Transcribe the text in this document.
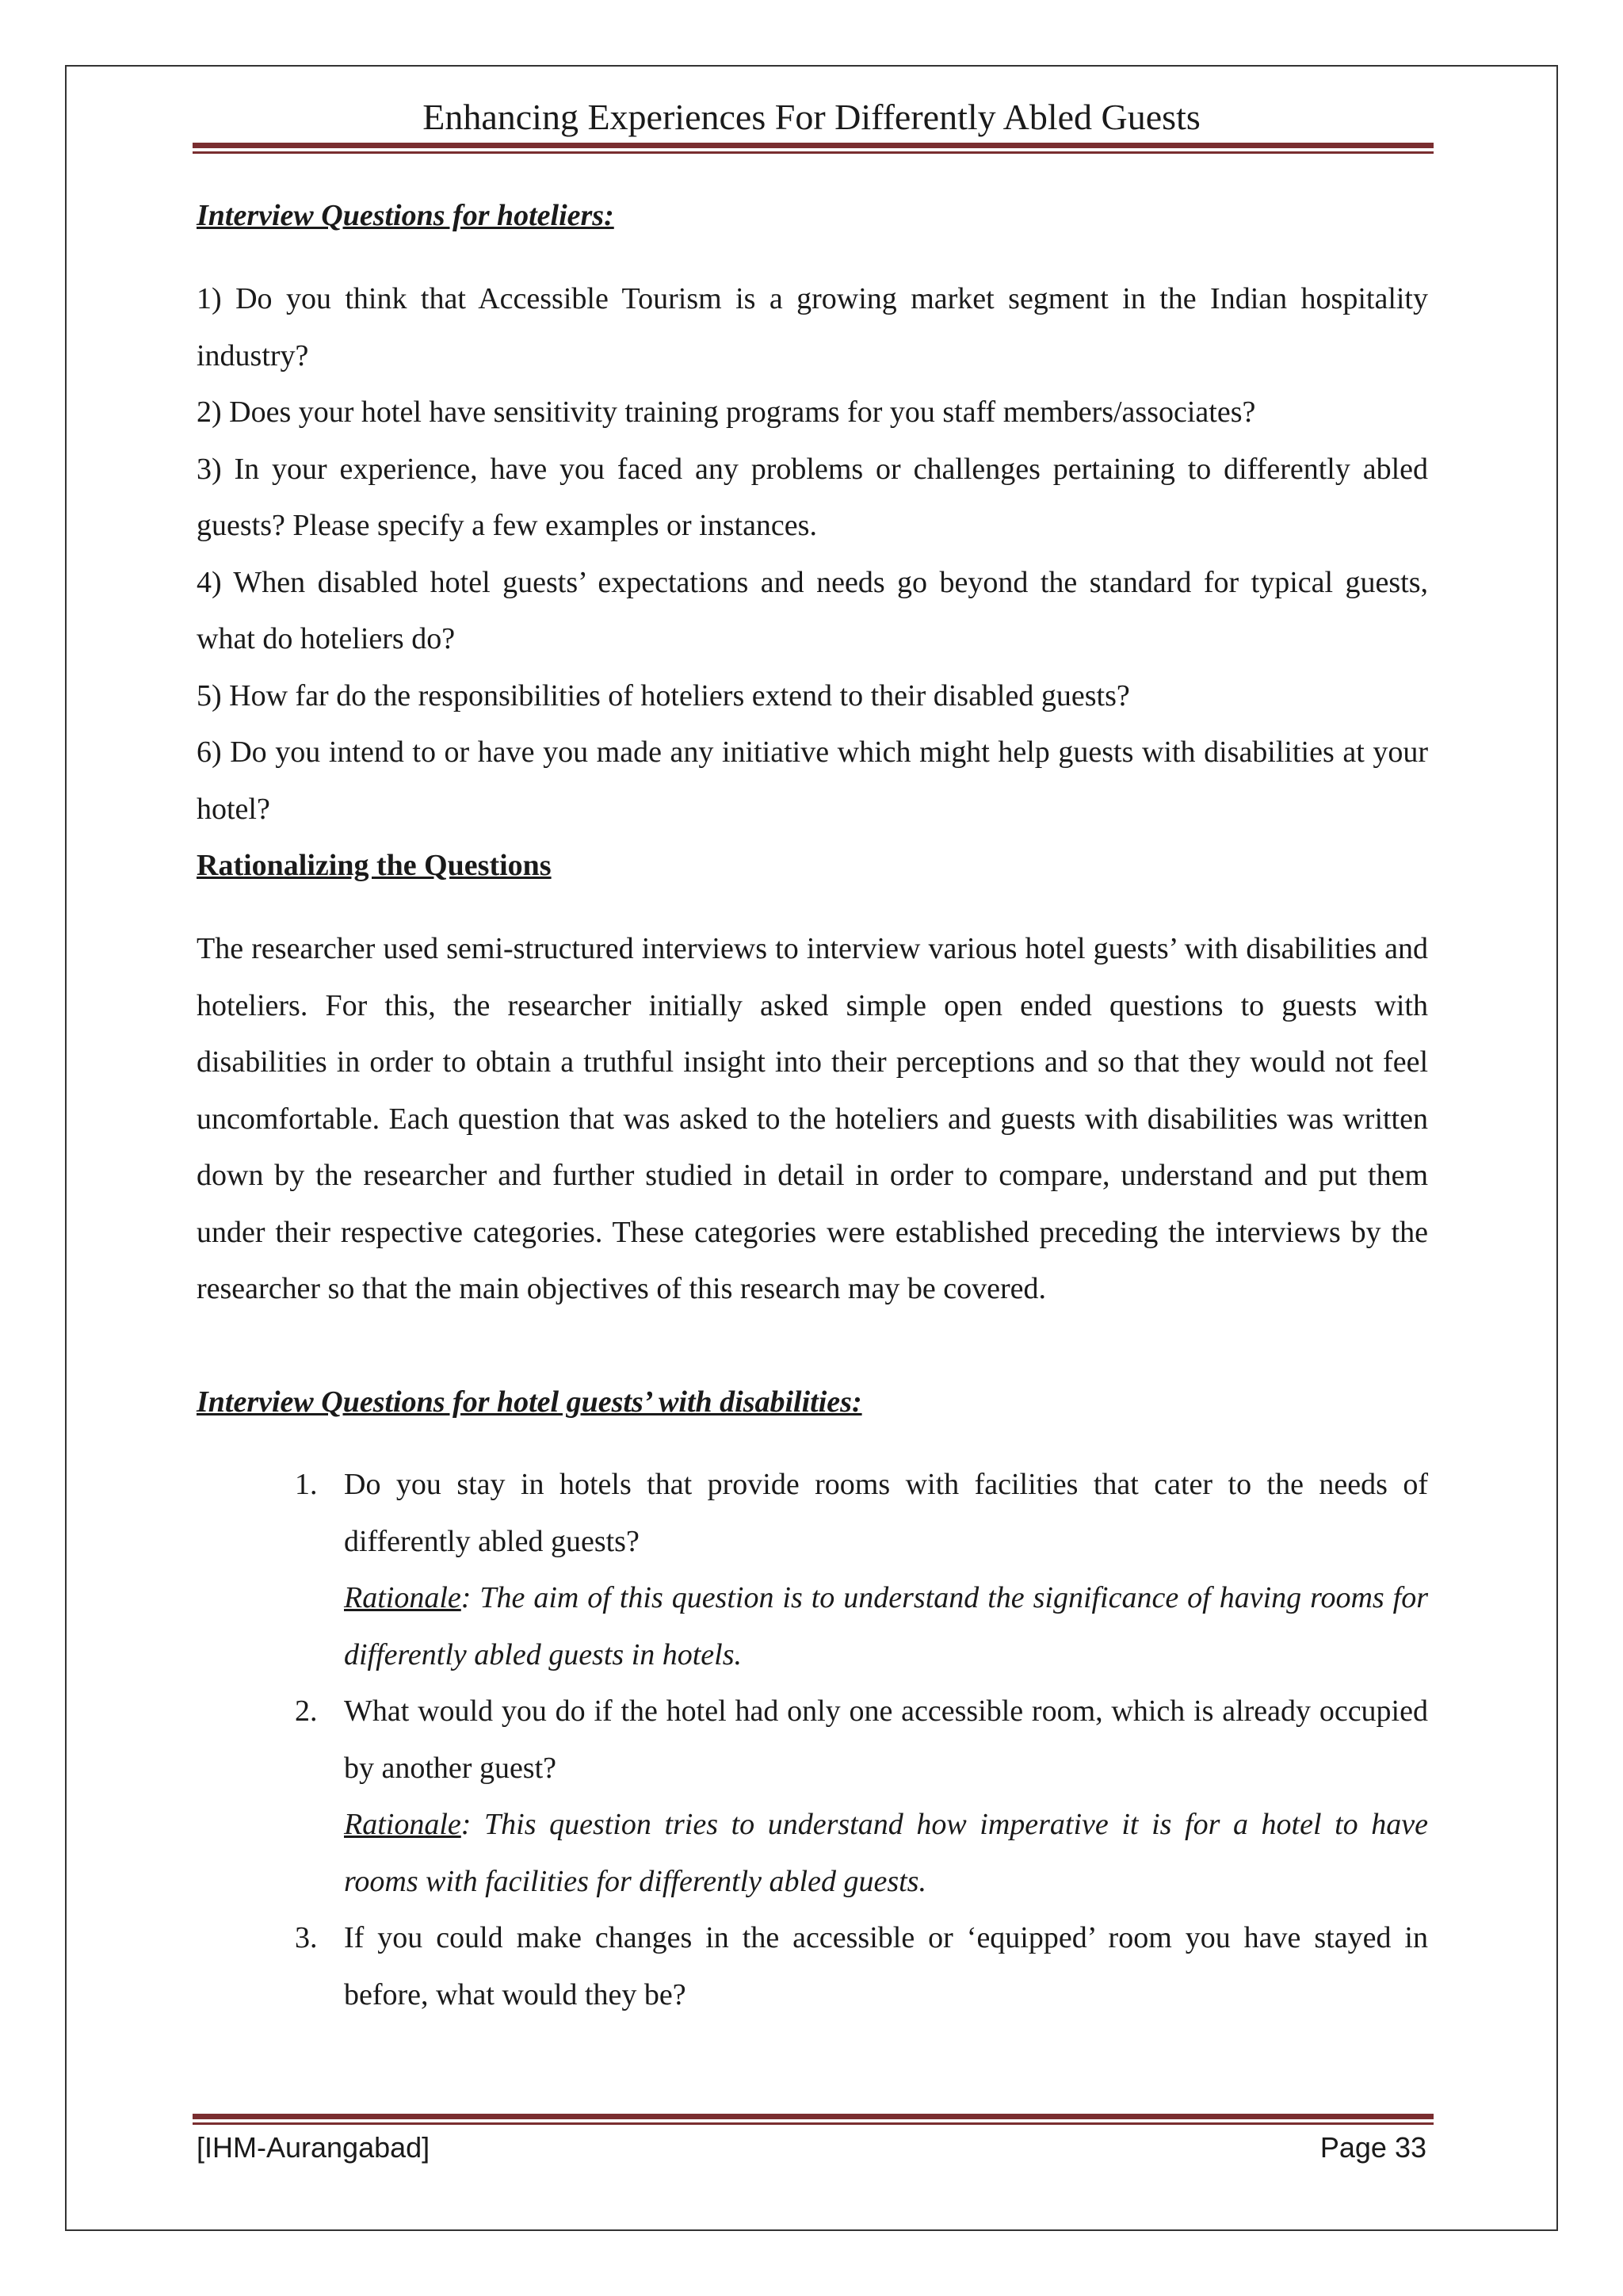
Enhancing Experiences For Differently Abled Guests
Interview Questions for hoteliers:

1) Do you think that Accessible Tourism is a growing market segment in the Indian hospitality industry?

2) Does your hotel have sensitivity training programs for you staff members/associates?

3) In your experience, have you faced any problems or challenges pertaining to differently abled guests? Please specify a few examples or instances.

4) When disabled hotel guests’ expectations and needs go beyond the standard for typical guests, what do hoteliers do?

5) How far do the responsibilities of hoteliers extend to their disabled guests?

6) Do you intend to or have you made any initiative which might help guests with disabilities at your hotel?

Rationalizing the Questions

The researcher used semi-structured interviews to interview various hotel guests’ with disabilities and hoteliers. For this, the researcher initially asked simple open ended questions to guests with disabilities in order to obtain a truthful insight into their perceptions and so that they would not feel uncomfortable. Each question that was asked to the hoteliers and guests with disabilities was written down by the researcher and further studied in detail in order to compare, understand and put them under their respective categories. These categories were established preceding the interviews by the researcher so that the main objectives of this research may be covered.

Interview Questions for hotel guests’ with disabilities:
1. Do you stay in hotels that provide rooms with facilities that cater to the needs of differently abled guests?

Rationale: The aim of this question is to understand the significance of having rooms for differently abled guests in hotels.

2. What would you do if the hotel had only one accessible room, which is already occupied by another guest?

Rationale: This question tries to understand how imperative it is for a hotel to have rooms with facilities for differently abled guests.

3. If you could make changes in the accessible or ‘equipped’ room you have stayed in before, what would they be?

[IHM-Aurangabad]	Page 33
